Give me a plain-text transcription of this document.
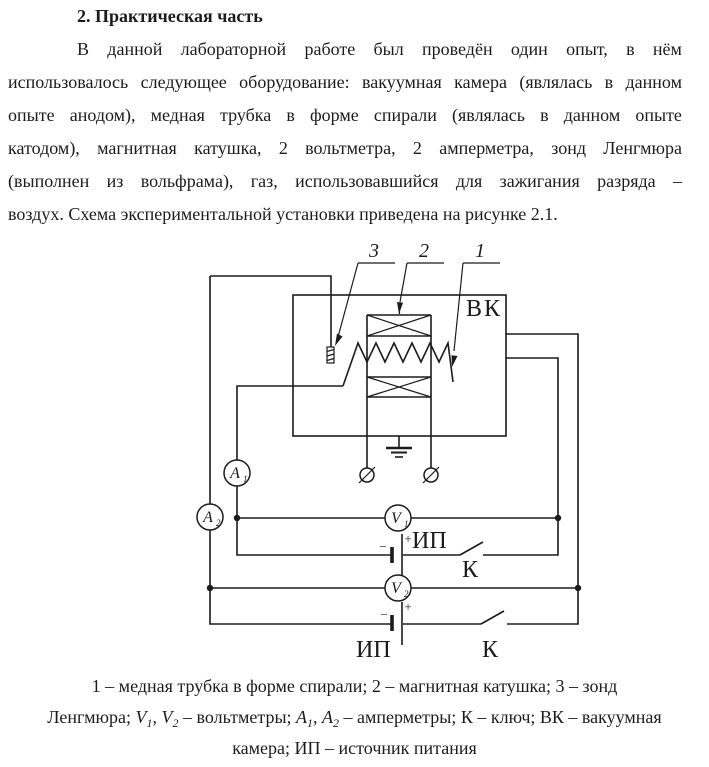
2. Практическая часть
В данной лабораторной работе был проведён один опыт, в нём
использовалось следующее оборудование: вакуумная камера (являлась в данном
опыте анодом), медная трубка в форме спирали (являлась в данном опыте
катодом), магнитная катушка, 2 вольтметра, 2 амперметра, зонд Ленгмюра
(выполнен из вольфрама), газ, использовавшийся для зажигания разряда –
воздух. Схема экспериментальной установки приведена на рисунке 2.1.
ВК
3 2 1
−
+ ИП
К
−
+
ИП	К
А 1
А 2	V 1
V 2
1 – медная трубка в форме спирали; 2 – магнитная катушка; 3 – зонд
Ленгмюра; $V_1$, $V_2$ – вольтметры; $А_1$, $А_2$ – амперметры; К – ключ; ВК – вакуумная
камера; ИП – источник питания
